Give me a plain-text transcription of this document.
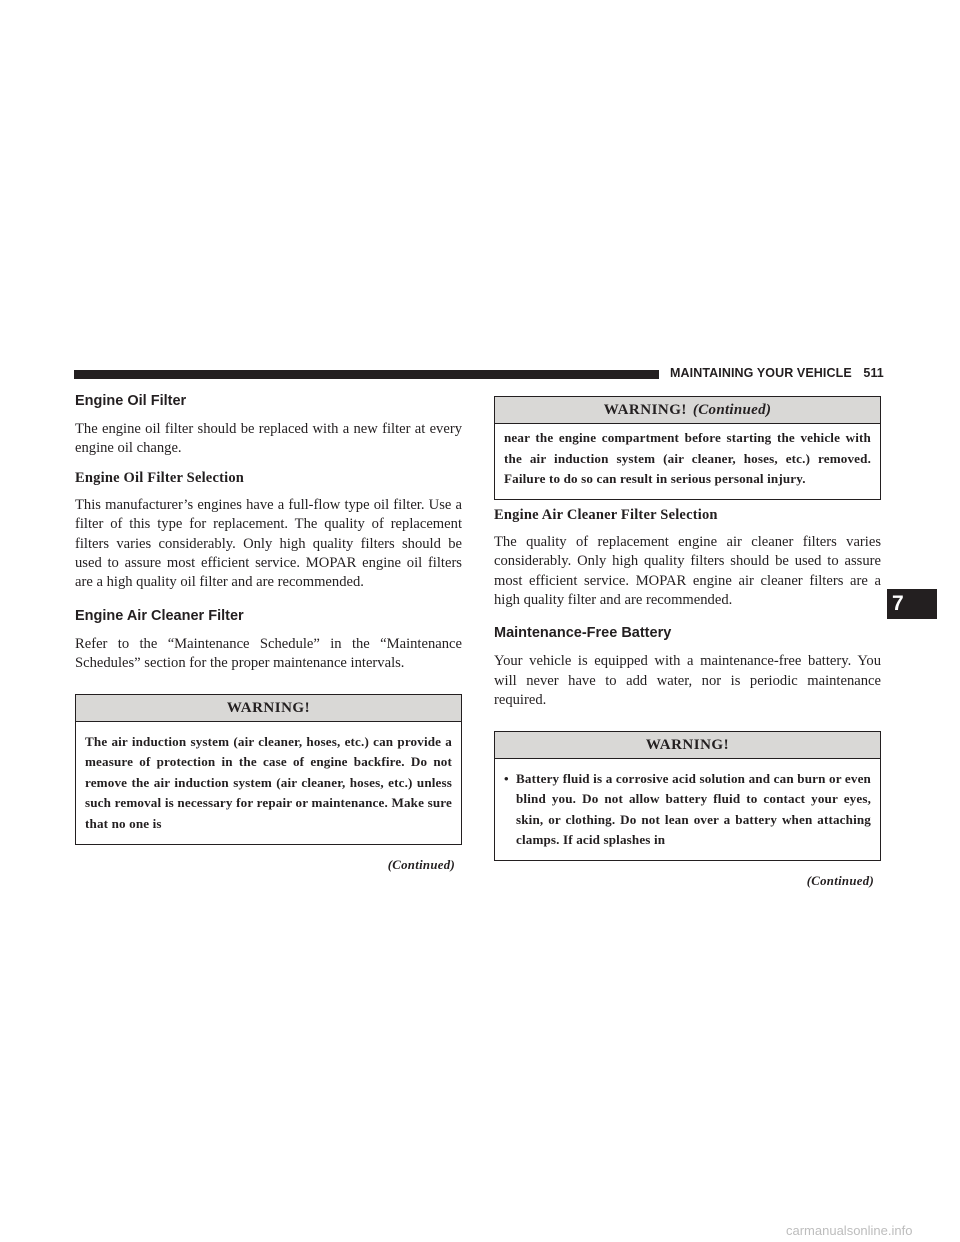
MAINTAINING YOUR VEHICLE 511
Engine Oil Filter

The engine oil filter should be replaced with a new filter at every engine oil change.

Engine Oil Filter Selection

This manufacturer’s engines have a full-flow type oil filter. Use a filter of this type for replacement. The quality of replacement filters varies considerably. Only high quality filters should be used to assure most efficient service. MOPAR engine oil filters are a high quality oil filter and are recommended.

Engine Air Cleaner Filter

Refer to the “Maintenance Schedule” in the “Maintenance Schedules” section for the proper maintenance intervals.

WARNING!
The air induction system (air cleaner, hoses, etc.) can provide a measure of protection in the case of engine backfire. Do not remove the air induction system (air cleaner, hoses, etc.) unless such removal is necessary for repair or maintenance. Make sure that no one is
(Continued)
WARNING! (Continued)
near the engine compartment before starting the vehicle with the air induction system (air cleaner, hoses, etc.) removed. Failure to do so can result in serious personal injury.
Engine Air Cleaner Filter Selection

The quality of replacement engine air cleaner filters varies considerably. Only high quality filters should be used to assure most efficient service. MOPAR engine air cleaner filters are a high quality filter and are recommended.

Maintenance-Free Battery

Your vehicle is equipped with a maintenance-free battery. You will never have to add water, nor is periodic maintenance required.

WARNING!
• Battery fluid is a corrosive acid solution and can burn or even blind you. Do not allow battery fluid to contact your eyes, skin, or clothing. Do not lean over a battery when attaching clamps. If acid splashes in
(Continued)
7
carmanualsonline.info
